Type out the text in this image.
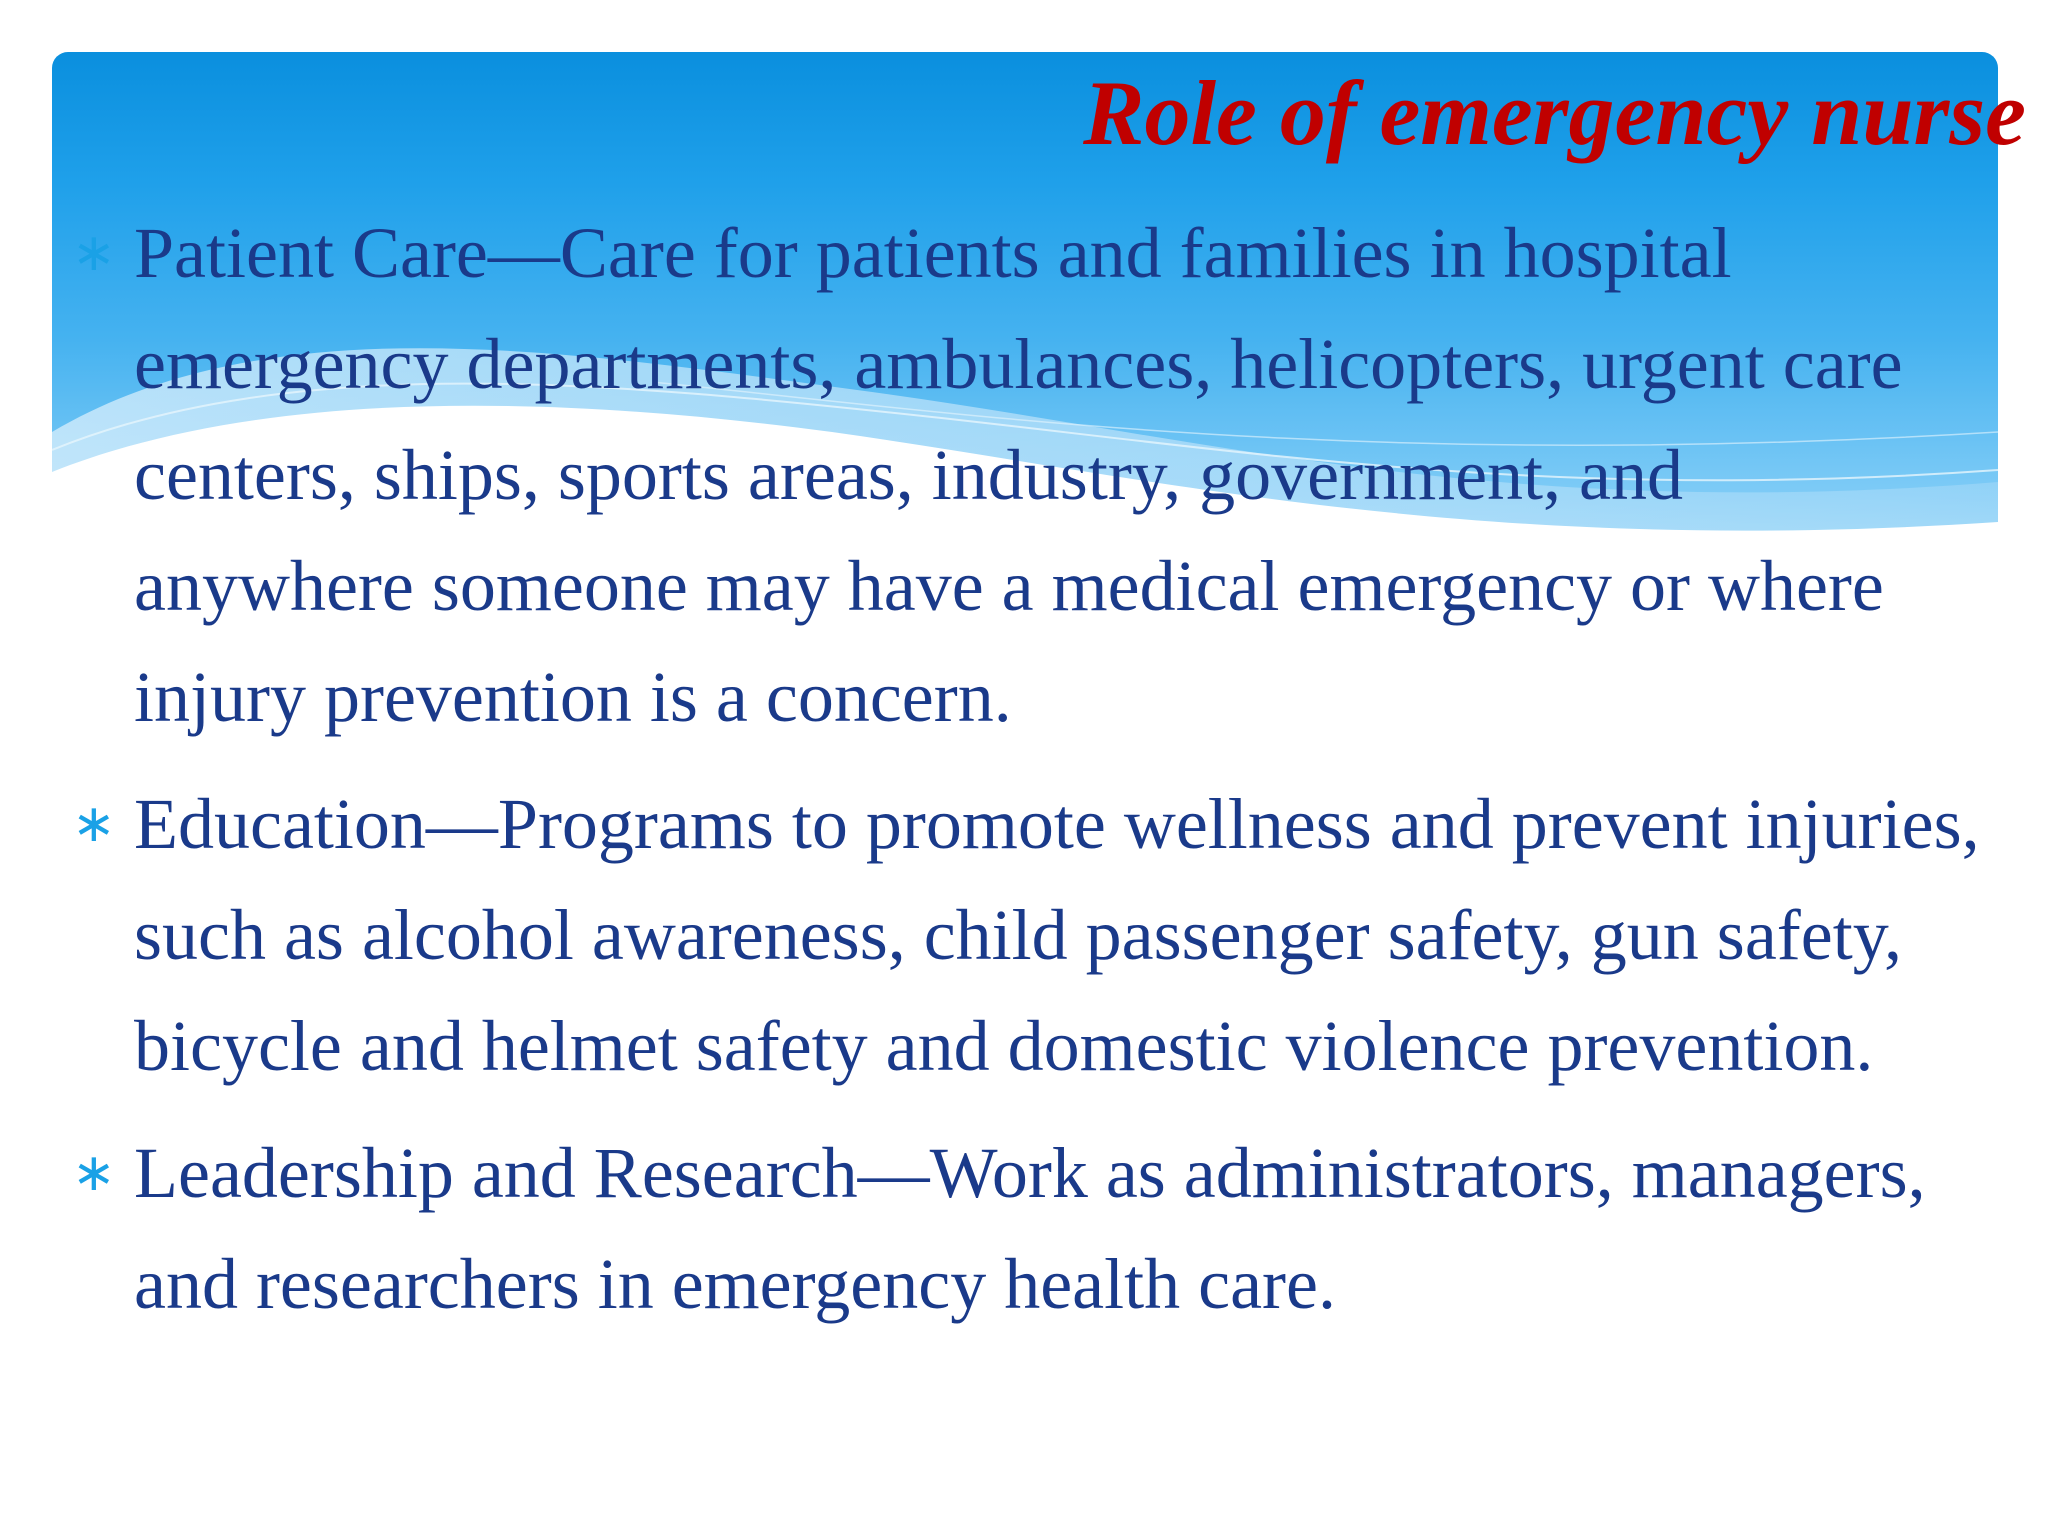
Role of emergency nurse
∗ Patient Care—Care for patients and families in hospital emergency departments, ambulances, helicopters, urgent care centers, ships, sports areas, industry, government, and anywhere someone may have a medical emergency or where injury prevention is a concern.

∗ Education—Programs to promote wellness and prevent injuries, such as alcohol awareness, child passenger safety, gun safety, bicycle and helmet safety and domestic violence prevention.

∗ Leadership and Research—Work as administrators, managers, and researchers in emergency health care.
